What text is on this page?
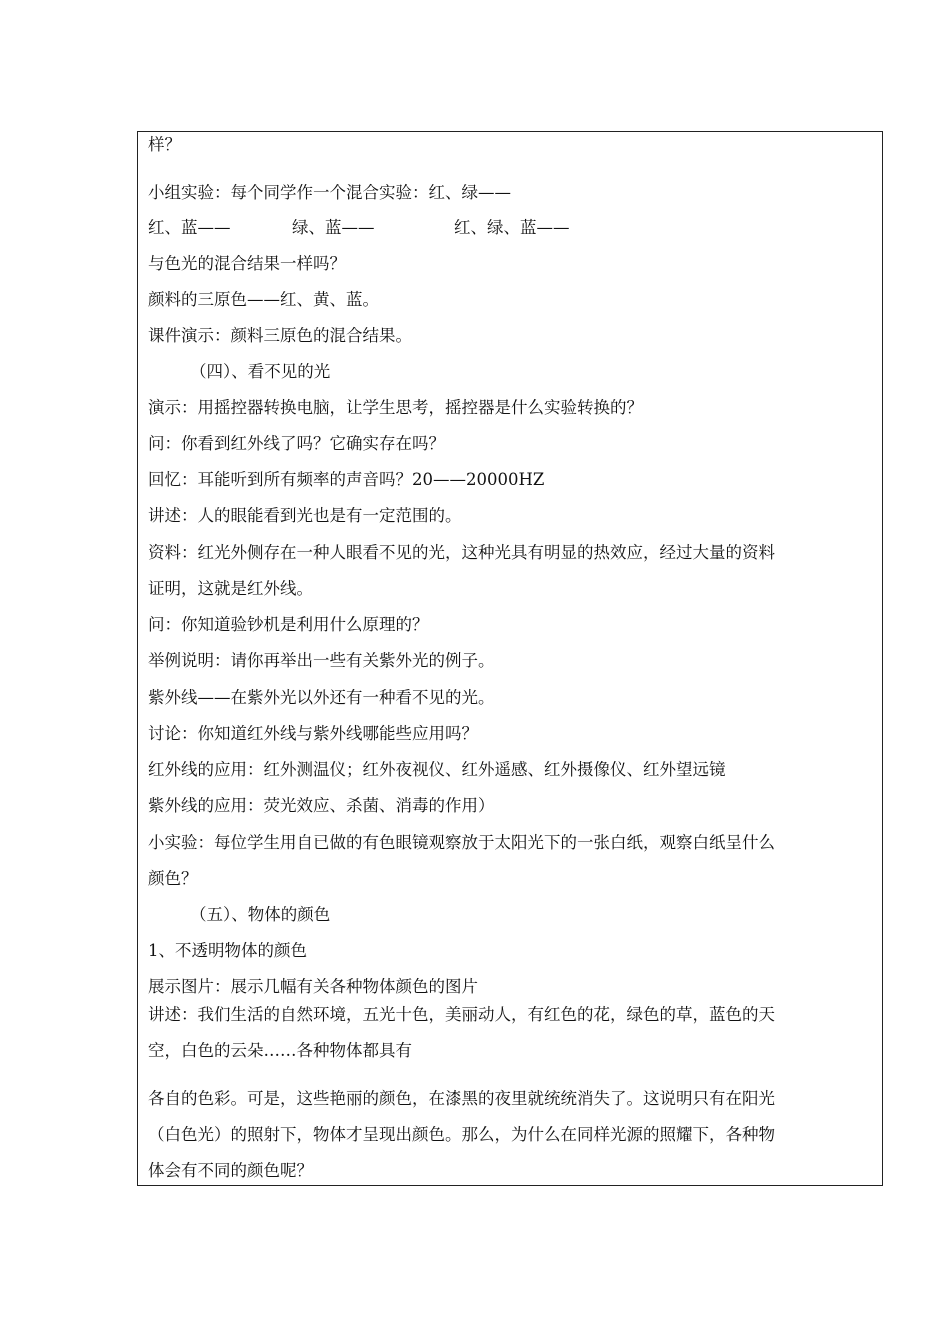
样？
小组实验：每个同学作一个混合实验：红、绿——
红、蓝——	绿、蓝——	红、绿、蓝——
与色光的混合结果一样吗？
颜料的三原色——红、黄、蓝。
课件演示：颜料三原色的混合结果。
（四）、看不见的光
演示：用摇控器转换电脑，让学生思考，摇控器是什么实验转换的？
问：你看到红外线了吗？它确实存在吗？
回忆：耳能听到所有频率的声音吗？20——20000HZ
讲述：人的眼能看到光也是有一定范围的。
资料：红光外侧存在一种人眼看不见的光，这种光具有明显的热效应，经过大量的资料
证明，这就是红外线。
问：你知道验钞机是利用什么原理的？
举例说明：请你再举出一些有关紫外光的例子。
紫外线——在紫外光以外还有一种看不见的光。
讨论：你知道红外线与紫外线哪能些应用吗？
红外线的应用：红外测温仪；红外夜视仪、红外遥感、红外摄像仪、红外望远镜
紫外线的应用：荧光效应、杀菌、消毒的作用）
小实验：每位学生用自已做的有色眼镜观察放于太阳光下的一张白纸，观察白纸呈什么
颜色？
（五）、物体的颜色
1、不透明物体的颜色
展示图片：展示几幅有关各种物体颜色的图片
讲述：我们生活的自然环境，五光十色，美丽动人，有红色的花，绿色的草，蓝色的天
空，白色的云朵……各种物体都具有
各自的色彩。可是，这些艳丽的颜色，在漆黑的夜里就统统消失了。这说明只有在阳光
（白色光）的照射下，物体才呈现出颜色。那么，为什么在同样光源的照耀下，各种物
体会有不同的颜色呢？
